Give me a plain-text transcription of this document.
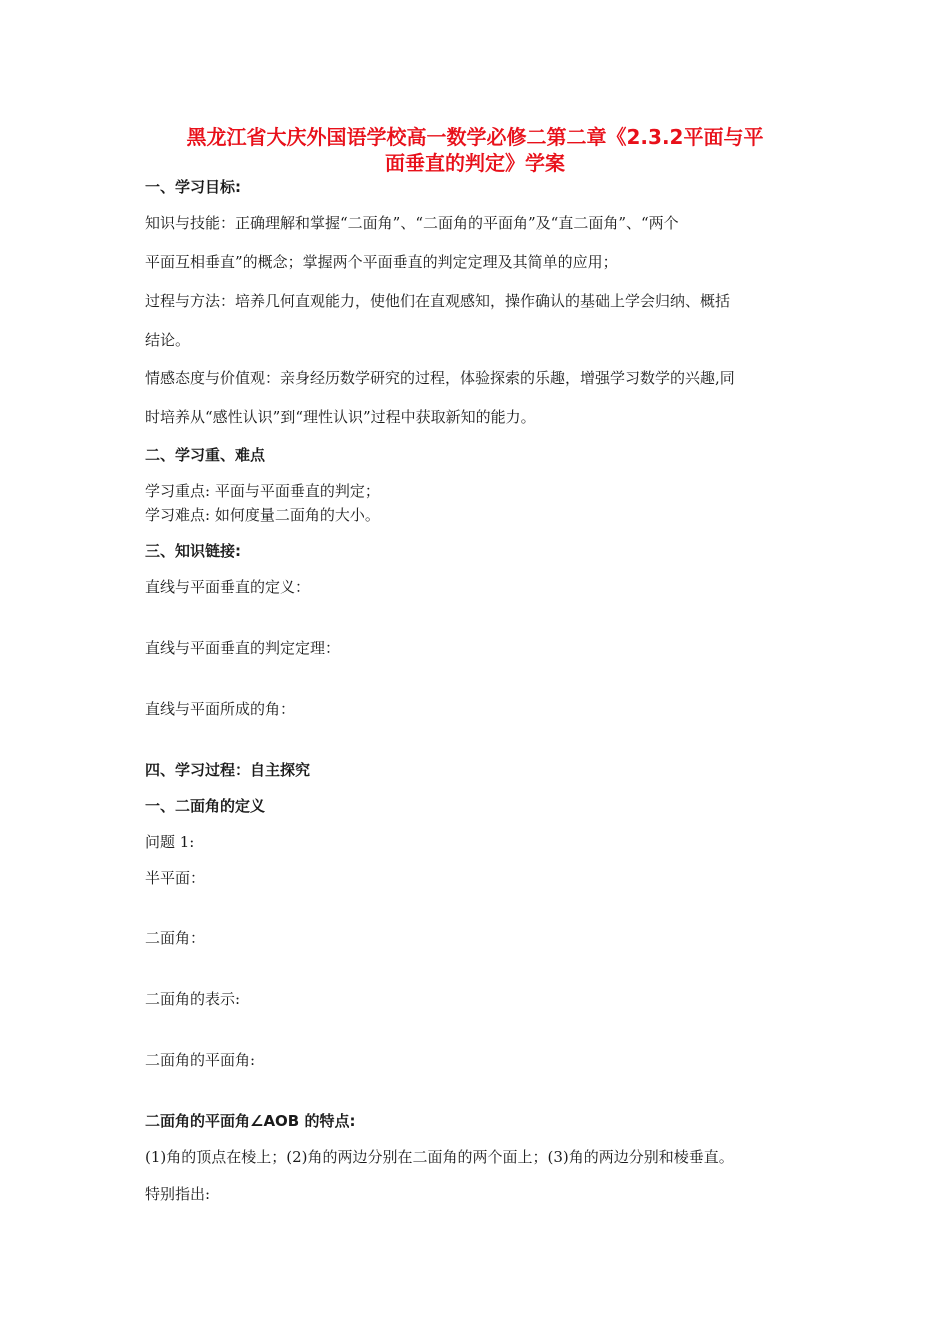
黑龙江省大庆外国语学校高一数学必修二第二章《2.3.2平面与平
面垂直的判定》学案
一、学习目标:
知识与技能：正确理解和掌握“二面角”、“二面角的平面角”及“直二面角”、“两个
平面互相垂直”的概念；掌握两个平面垂直的判定定理及其简单的应用；
过程与方法：培养几何直观能力，使他们在直观感知，操作确认的基础上学会归纳、概括
结论。
情感态度与价值观：亲身经历数学研究的过程，体验探索的乐趣，增强学习数学的兴趣,同
时培养从“感性认识”到“理性认识”过程中获取新知的能力。
二、学习重、难点
学习重点: 平面与平面垂直的判定；
学习难点: 如何度量二面角的大小。
三、知识链接:
直线与平面垂直的定义：
直线与平面垂直的判定定理：
直线与平面所成的角：
四、学习过程：自主探究
一、二面角的定义
问题 1:
半平面：
二面角：
二面角的表示:
二面角的平面角:
二面角的平面角∠AOB 的特点:
(1)角的顶点在棱上；(2)角的两边分别在二面角的两个面上；(3)角的两边分别和棱垂直。
特别指出:
